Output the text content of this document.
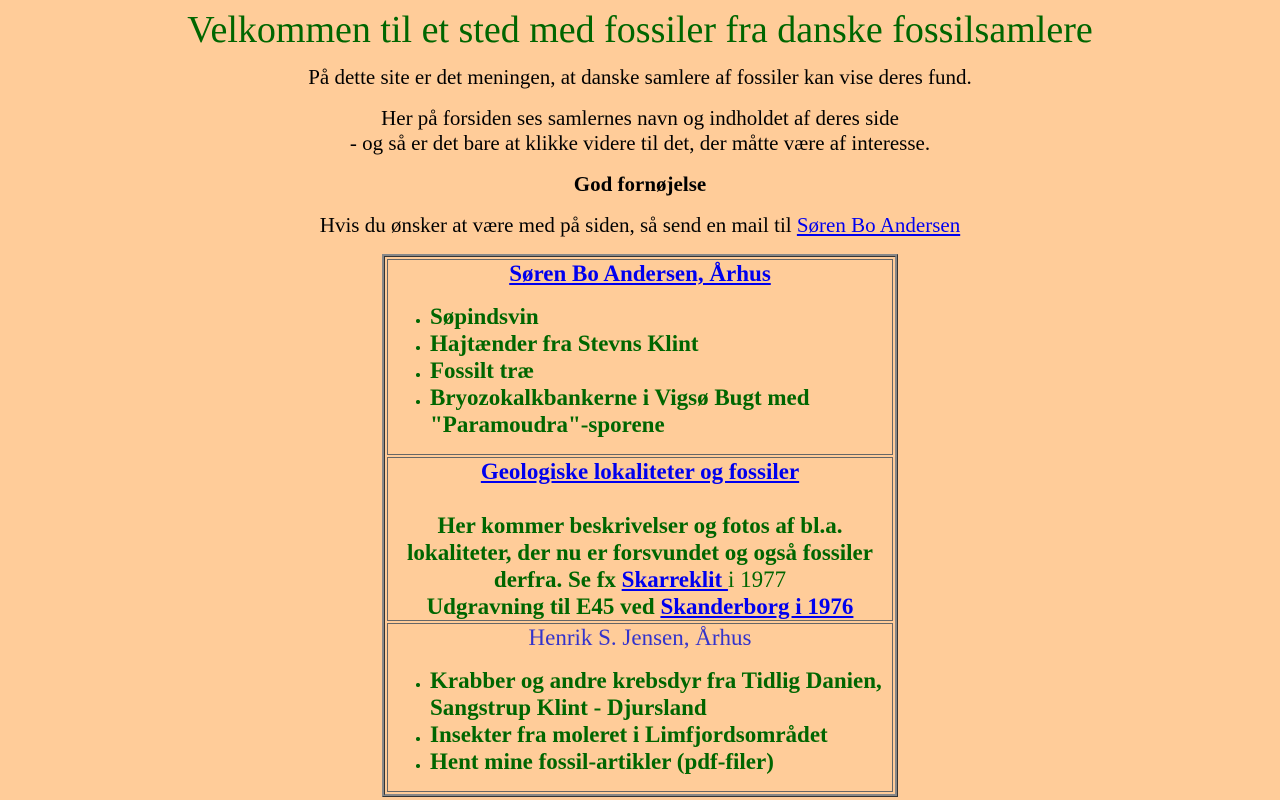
Velkommen til et sted med fossiler fra danske fossilsamlere

På dette site er det meningen, at danske samlere af fossiler kan vise deres fund.

Her på forsiden ses samlernes navn og indholdet af deres side
- og så er det bare at klikke videre til det, der måtte være af interesse.

God fornøjelse

Hvis du ønsker at være med på siden, så send en mail til Søren Bo Andersen

Søren Bo Andersen, Århus
• Søpindsvin
• Hajtænder fra Stevns Klint
• Fossilt træ
• Bryozokalkbankerne i Vigsø Bugt med "Paramoudra"-sporene

Geologiske lokaliteter og fossiler
Her kommer beskrivelser og fotos af bl.a. lokaliteter, der nu er forsvundet og også fossiler derfra. Se fx Skarreklit i 1977
Udgravning til E45 ved Skanderborg i 1976

Henrik S. Jensen, Århus
• Krabber og andre krebsdyr fra Tidlig Danien, Sangstrup Klint - Djursland
• Insekter fra moleret i Limfjordsområdet
• Hent mine fossil-artikler (pdf-filer)
